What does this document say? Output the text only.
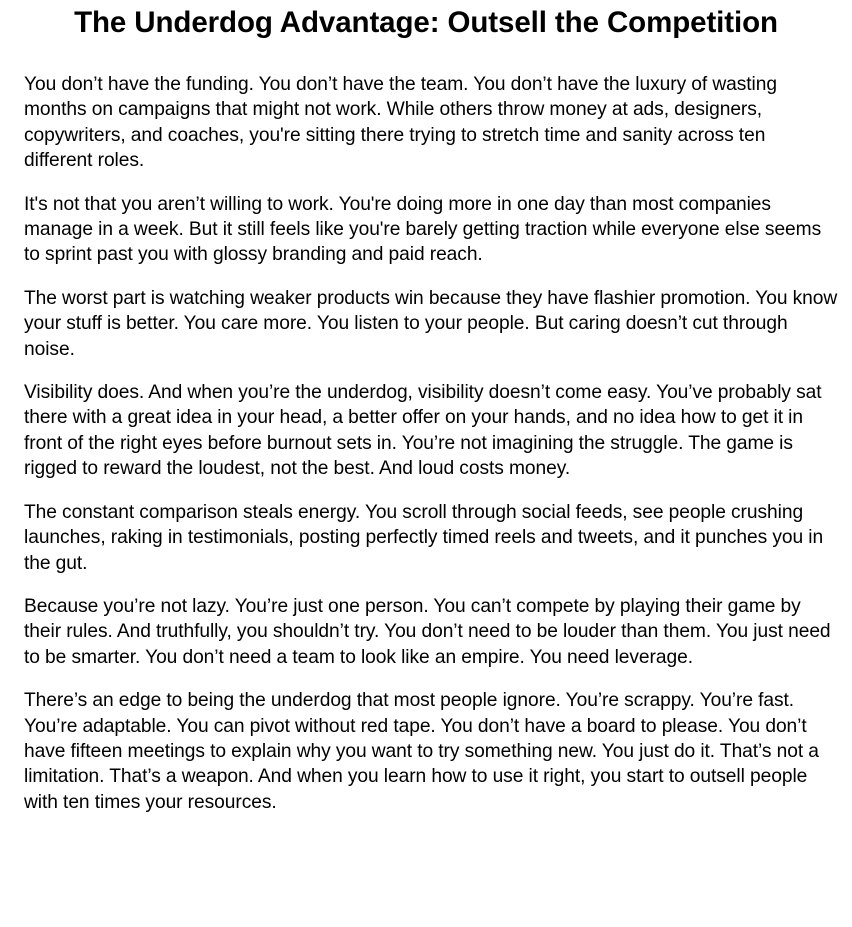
The Underdog Advantage: Outsell the Competition

You don’t have the funding. You don’t have the team. You don’t have the luxury of wasting months on campaigns that might not work. While others throw money at ads, designers, copywriters, and coaches, you're sitting there trying to stretch time and sanity across ten different roles.

It's not that you aren’t willing to work. You're doing more in one day than most companies manage in a week. But it still feels like you're barely getting traction while everyone else seems to sprint past you with glossy branding and paid reach.

The worst part is watching weaker products win because they have flashier promotion. You know your stuff is better. You care more. You listen to your people. But caring doesn’t cut through noise.

Visibility does. And when you’re the underdog, visibility doesn’t come easy. You’ve probably sat there with a great idea in your head, a better offer on your hands, and no idea how to get it in front of the right eyes before burnout sets in. You’re not imagining the struggle. The game is rigged to reward the loudest, not the best. And loud costs money.

The constant comparison steals energy. You scroll through social feeds, see people crushing launches, raking in testimonials, posting perfectly timed reels and tweets, and it punches you in the gut.

Because you’re not lazy. You’re just one person. You can’t compete by playing their game by their rules. And truthfully, you shouldn’t try. You don’t need to be louder than them. You just need to be smarter. You don’t need a team to look like an empire. You need leverage.

There’s an edge to being the underdog that most people ignore. You’re scrappy. You’re fast. You’re adaptable. You can pivot without red tape. You don’t have a board to please. You don’t have fifteen meetings to explain why you want to try something new. You just do it. That’s not a limitation. That’s a weapon. And when you learn how to use it right, you start to outsell people with ten times your resources.
